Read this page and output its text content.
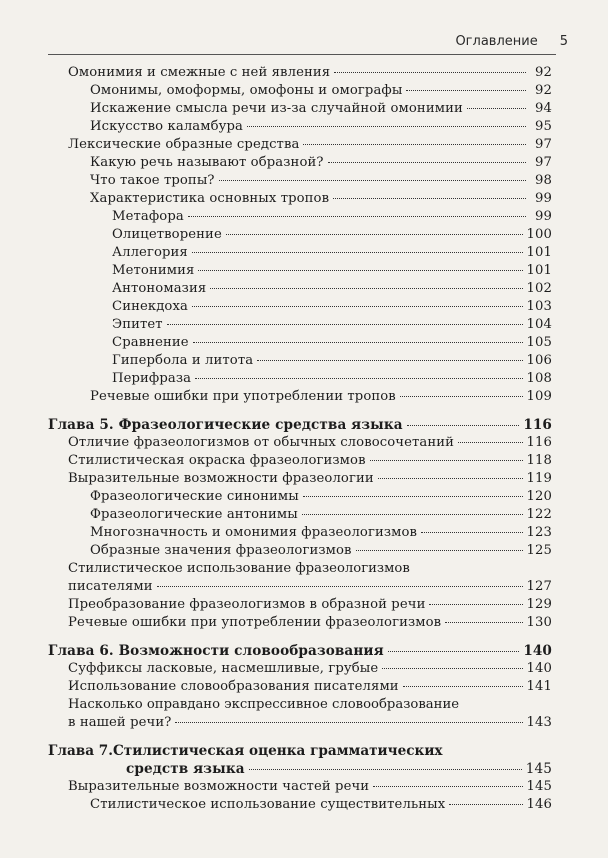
Оглавление 5
Омонимия и смежные с ней явления	92
Омонимы, омоформы, омофоны и омографы	92
Искажение смысла речи из-за случайной омонимии	94
Искусство каламбура	95
Лексические образные средства	97
Какую речь называют образной?	97
Что такое тропы?	98
Характеристика основных тропов	99
Метафора	99
Олицетворение	100
Аллегория	101
Метонимия	101
Антономазия	102
Синекдоха	103
Эпитет	104
Сравнение	105
Гипербола и литота	106
Перифраза	108
Речевые ошибки при употреблении тропов	109
Глава 5. Фразеологические средства языка	116
Отличие фразеологизмов от обычных словосочетаний	116
Стилистическая окраска фразеологизмов	118
Выразительные возможности фразеологии	119
Фразеологические синонимы	120
Фразеологические антонимы	122
Многозначность и омонимия фразеологизмов	123
Образные значения фразеологизмов	125
Стилистическое использование фразеологизмов
писателями	127
Преобразование фразеологизмов в образной речи	129
Речевые ошибки при употреблении фразеологизмов	130
Глава 6. Возможности словообразования	140
Суффиксы ласковые, насмешливые, грубые	140
Использование словообразования писателями	141
Насколько оправдано экспрессивное словообразование
в нашей речи?	143
Глава 7.Стилистическая оценка грамматических
средств языка	145
Выразительные возможности частей речи	145
Стилистическое использование существительных	146
